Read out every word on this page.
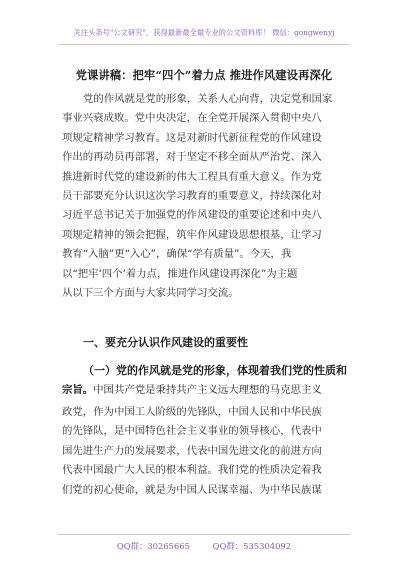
关注头条号"公文研究"，获得最新最全最专业的公文资料库！ 微信：gongwenyj
党课讲稿：把牢“四个”着力点 推进作风建设再深化
党的作风就是党的形象，关系人心向背，决定党和国家
事业兴衰成败。党中央决定，在全党开展深入贯彻中央八
项规定精神学习教育。这是对新时代新征程党的作风建设
作出的再动员再部署，对于坚定不移全面从严治党、深入
推进新时代党的建设新的伟大工程具有重大意义。作为党
员干部要充分认识这次学习教育的重要意义，持续深化对
习近平总书记关于加强党的作风建设的重要论述和中央八
项规定精神的领会把握，筑牢作风建设思想根基，让学习
教育“入脑”更“入心”，确保“学有质量”。今天，我
以“把牢‘四个’着力点，推进作风建设再深化”为主题
从以下三个方面与大家共同学习交流。
一、要充分认识作风建设的重要性
（一）党的作风就是党的形象，体现着我们党的性质和
宗旨。中国共产党是秉持共产主义远大理想的马克思主义
政党，作为中国工人阶级的先锋队，中国人民和中华民族
的先锋队，是中国特色社会主义事业的领导核心，代表中
国先进生产力的发展要求，代表中国先进文化的前进方向
代表中国最广大人民的根本利益。我们党的性质决定着我
们党的初心使命，就是为中国人民谋幸福、为中华民族谋
QQ群：30265665	QQ群：535304092
